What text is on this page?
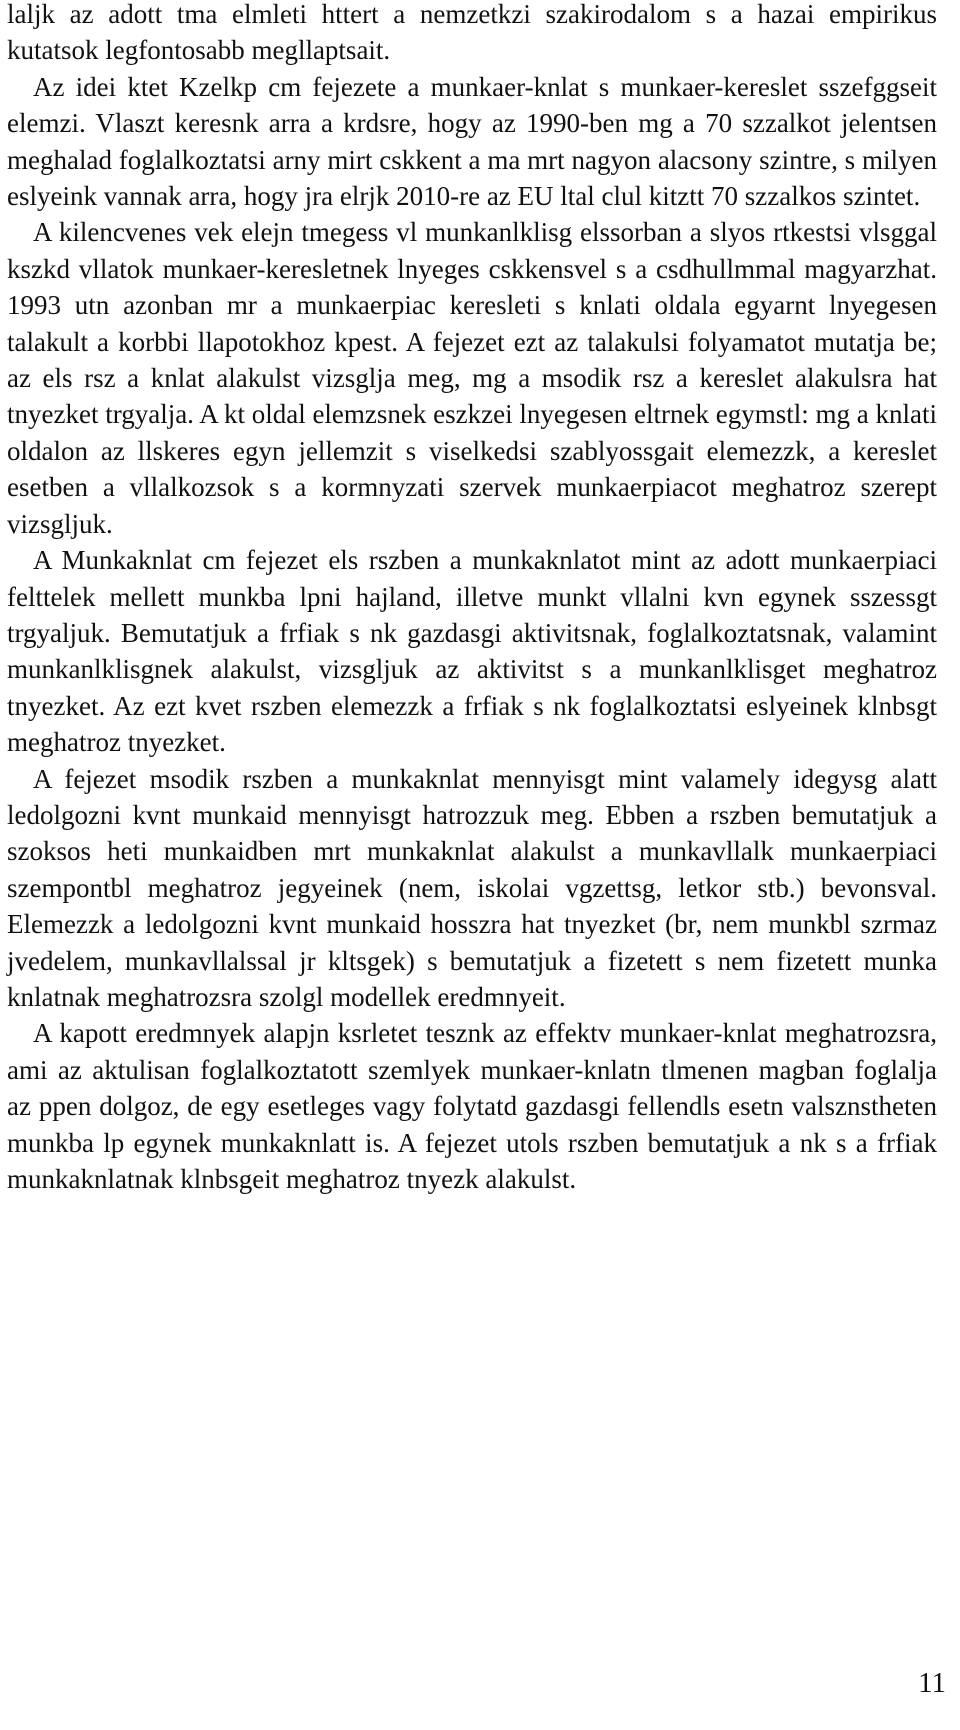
laljk az adott tma elmleti httert a nemzetkzi szakirodalom s a hazai empirikus kutatsok legfontosabb megllaptsait.

Az idei ktet Kzelkp cm fejezete a munkaer-knlat s munkaer-kereslet sszefggseit elemzi. Vlaszt keresnk arra a krdsre, hogy az 1990-ben mg a 70 szzalkot jelentsen meghalad foglalkoztatsi arny mirt cskkent a ma mrt nagyon alacsony szintre, s milyen eslyeink vannak arra, hogy jra elrjk 2010-re az EU ltal clul kitztt 70 szzalkos szintet.

A kilencvenes vek elejn tmegess vl munkanlklisg elssorban a slyos rtkestsi vlsggal kszkd vllatok munkaer-keresletnek lnyeges cskkensvel s a csdhullmmal magyarzhat. 1993 utn azonban mr a munkaerpiac keresleti s knlati oldala egyarnt lnyegesen talakult a korbbi llapotokhoz kpest. A fejezet ezt az talakulsi folyamatot mutatja be; az els rsz a knlat alakulst vizsglja meg, mg a msodik rsz a kereslet alakulsra hat tnyezket trgyalja. A kt oldal elemzsnek eszkzei lnyegesen eltrnek egymstl: mg a knlati oldalon az llskeres egyn jellemzit s viselkedsi szablyossgait elemezzk, a kereslet esetben a vllalkozsok s a kormnyzati szervek munkaerpiacot meghatroz szerept vizsgljuk.

A Munkaknlat cm fejezet els rszben a munkaknlatot mint az adott munkaerpiaci felttelek mellett munkba lpni hajland, illetve munkt vllalni kvn egynek sszessgt trgyaljuk. Bemutatjuk a frfiak s nk gazdasgi aktivitsnak, foglalkoztatsnak, valamint munkanlklisgnek alakulst, vizsgljuk az aktivitst s a munkanlklisget meghatroz tnyezket. Az ezt kvet rszben elemezzk a frfiak s nk foglalkoztatsi eslyeinek klnbsgt meghatroz tnyezket.

A fejezet msodik rszben a munkaknlat mennyisgt mint valamely idegysg alatt ledolgozni kvnt munkaid mennyisgt hatrozzuk meg. Ebben a rszben bemutatjuk a szoksos heti munkaidben mrt munkaknlat alakulst a munkavllalk munkaerpiaci szempontbl meghatroz jegyeinek (nem, iskolai vgzettsg, letkor stb.) bevonsval. Elemezzk a ledolgozni kvnt munkaid hosszra hat tnyezket (br, nem munkbl szrmaz jvedelem, munkavllalssal jr kltsgek) s bemutatjuk a fizetett s nem fizetett munka knlatnak meghatrozsra szolgl modellek eredmnyeit.

A kapott eredmnyek alapjn ksrletet tesznk az effektv munkaer-knlat meghatrozsra, ami az aktulisan foglalkoztatott szemlyek munkaer-knlatn tlmenen magban foglalja az ppen dolgoz, de egy esetleges vagy folytatd gazdasgi fellendls esetn valsznstheten munkba lp egynek munkaknlatt is. A fejezet utols rszben bemutatjuk a nk s a frfiak munkaknlatnak klnbsgeit meghatroz tnyezk alakulst.

11
